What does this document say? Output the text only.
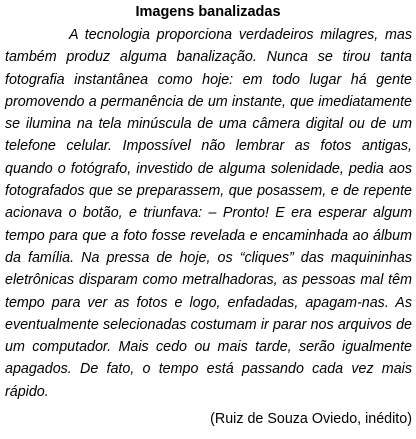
Imagens banalizadas

A tecnologia proporciona verdadeiros milagres, mas também produz alguma banalização. Nunca se tirou tanta fotografia instantânea como hoje: em todo lugar há gente promovendo a permanência de um instante, que imediatamente se ilumina na tela minúscula de uma câmera digital ou de um telefone celular. Impossível não lembrar as fotos antigas, quando o fotógrafo, investido de alguma solenidade, pedia aos fotografados que se preparassem, que posassem, e de repente acionava o botão, e triunfava: – Pronto! E era esperar algum tempo para que a foto fosse revelada e encaminhada ao álbum da família. Na pressa de hoje, os “cliques” das maquininhas eletrônicas disparam como metralhadoras, as pessoas mal têm tempo para ver as fotos e logo, enfadadas, apagam-nas. As eventualmente selecionadas costumam ir parar nos arquivos de um computador. Mais cedo ou mais tarde, serão igualmente apagados. De fato, o tempo está passando cada vez mais rápido.

(Ruiz de Souza Oviedo, inédito)
